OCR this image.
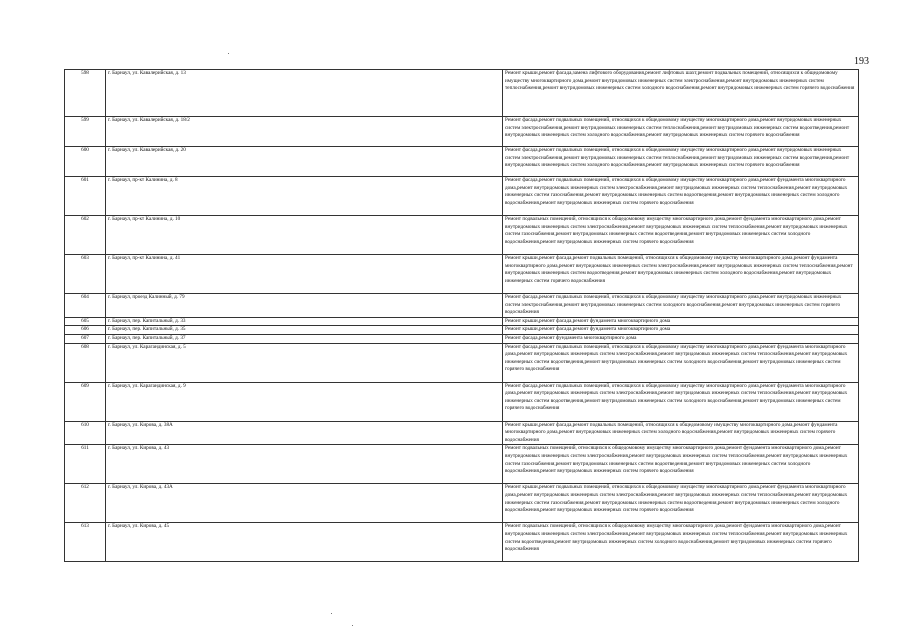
193
598	г. Барнаул, ул. Кавалерийская, д. 13	Ремонт крыши,ремонт фасада,замена лифтового оборудования,ремонт лифтовых шахт,ремонт подвальных помещений, относящихся к общедомовому имуществу многоквартирного дома,ремонт внутридомовых инженерных систем электроснабжения,ремонт внутридомовых инженерных систем теплоснабжения,ремонт внутридомовых инженерных систем холодного водоснабжения,ремонт внутридомовых инженерных систем горячего водоснабжения
599	г. Барнаул, ул. Кавалерийская, д. 18/2	Ремонт фасада,ремонт подвальных помещений, относящихся к общедомовому имуществу многоквартирного дома,ремонт внутридомовых инженерных систем электроснабжения,ремонт внутридомовых инженерных систем теплоснабжения,ремонт внутридомовых инженерных систем водоотведения,ремонт внутридомовых инженерных систем холодного водоснабжения,ремонт внутридомовых инженерных систем горячего водоснабжения
600	г. Барнаул, ул. Кавалерийская, д. 20	Ремонт фасада,ремонт подвальных помещений, относящихся к общедомовому имуществу многоквартирного дома,ремонт внутридомовых инженерных систем электроснабжения,ремонт внутридомовых инженерных систем теплоснабжения,ремонт внутридомовых инженерных систем водоотведения,ремонт внутридомовых инженерных систем холодного водоснабжения,ремонт внутридомовых инженерных систем горячего водоснабжения
601	г. Барнаул, пр-кт Калинина, д. 8	Ремонт фасада,ремонт подвальных помещений, относящихся к общедомовому имуществу многоквартирного дома,ремонт фундамента многоквартирного дома,ремонт внутридомовых инженерных систем электроснабжения,ремонт внутридомовых инженерных систем теплоснабжения,ремонт внутридомовых инженерных систем газоснабжения,ремонт внутридомовых инженерных систем водоотведения,ремонт внутридомовых инженерных систем холодного водоснабжения,ремонт внутридомовых инженерных систем горячего водоснабжения
602	г. Барнаул, пр-кт Калинина, д. 10	Ремонт подвальных помещений, относящихся к общедомовому имуществу многоквартирного дома,ремонт фундамента многоквартирного дома,ремонт внутридомовых инженерных систем электроснабжения,ремонт внутридомовых инженерных систем теплоснабжения,ремонт внутридомовых инженерных систем газоснабжения,ремонт внутридомовых инженерных систем водоотведения,ремонт внутридомовых инженерных систем холодного водоснабжения,ремонт внутридомовых инженерных систем горячего водоснабжения
603	г. Барнаул, пр-кт Калинина, д. 41	Ремонт крыши,ремонт фасада,ремонт подвальных помещений, относящихся к общедомовому имуществу многоквартирного дома,ремонт фундамента многоквартирного дома,ремонт внутридомовых инженерных систем электроснабжения,ремонт внутридомовых инженерных систем теплоснабжения,ремонт внутридомовых инженерных систем водоотведения,ремонт внутридомовых инженерных систем холодного водоснабжения,ремонт внутридомовых инженерных систем горячего водоснабжения
604	г. Барнаул, проезд Калинный, д. 79	Ремонт фасада,ремонт подвальных помещений, относящихся к общедомовому имуществу многоквартирного дома,ремонт внутридомовых инженерных систем электроснабжения,ремонт внутридомовых инженерных систем холодного водоснабжения,ремонт внутридомовых инженерных систем горячего водоснабжения
605	г. Барнаул, пер. Капитальный, д. 33	Ремонт крыши,ремонт фасада,ремонт фундамента многоквартирного дома
606	г. Барнаул, пер. Капитальный, д. 35	Ремонт крыши,ремонт фасада,ремонт фундамента многоквартирного дома
607	г. Барнаул, пер. Капитальный, д. 37	Ремонт фасада,ремонт фундамента многоквартирного дома
608	г. Барнаул, ул. Карагандинская, д. 5	Ремонт фасада,ремонт подвальных помещений, относящихся к общедомовому имуществу многоквартирного дома,ремонт фундамента многоквартирного дома,ремонт внутридомовых инженерных систем электроснабжения,ремонт внутридомовых инженерных систем теплоснабжения,ремонт внутридомовых инженерных систем водоотведения,ремонт внутридомовых инженерных систем холодного водоснабжения,ремонт внутридомовых инженерных систем горячего водоснабжения
609	г. Барнаул, ул. Карагандинская, д. 9	Ремонт фасада,ремонт подвальных помещений, относящихся к общедомовому имуществу многоквартирного дома,ремонт фундамента многоквартирного дома,ремонт внутридомовых инженерных систем электроснабжения,ремонт внутридомовых инженерных систем теплоснабжения,ремонт внутридомовых инженерных систем водоотведения,ремонт внутридомовых инженерных систем холодного водоснабжения,ремонт внутридомовых инженерных систем горячего водоснабжения
610	г. Барнаул, ул. Кирова, д. 38А	Ремонт крыши,ремонт фасада,ремонт подвальных помещений, относящихся к общедомовому имуществу многоквартирного дома,ремонт фундамента многоквартирного дома,ремонт внутридомовых инженерных систем холодного водоснабжения,ремонт внутридомовых инженерных систем горячего водоснабжения
611	г. Барнаул, ул. Кирова, д. 43	Ремонт подвальных помещений, относящихся к общедомовому имуществу многоквартирного дома,ремонт фундамента многоквартирного дома,ремонт внутридомовых инженерных систем электроснабжения,ремонт внутридомовых инженерных систем теплоснабжения,ремонт внутридомовых инженерных систем газоснабжения,ремонт внутридомовых инженерных систем водоотведения,ремонт внутридомовых инженерных систем холодного водоснабжения,ремонт внутридомовых инженерных систем горячего водоснабжения
612	г. Барнаул, ул. Кирова, д. 43А	Ремонт крыши,ремонт подвальных помещений, относящихся к общедомовому имуществу многоквартирного дома,ремонт фундамента многоквартирного дома,ремонт внутридомовых инженерных систем электроснабжения,ремонт внутридомовых инженерных систем теплоснабжения,ремонт внутридомовых инженерных систем газоснабжения,ремонт внутридомовых инженерных систем водоотведения,ремонт внутридомовых инженерных систем холодного водоснабжения,ремонт внутридомовых инженерных систем горячего водоснабжения
613	г. Барнаул, ул. Кирова, д. 45	Ремонт подвальных помещений, относящихся к общедомовому имуществу многоквартирного дома,ремонт фундамента многоквартирного дома,ремонт внутридомовых инженерных систем электроснабжения,ремонт внутридомовых инженерных систем теплоснабжения,ремонт внутридомовых инженерных систем водоотведения,ремонт внутридомовых инженерных систем холодного водоснабжения,ремонт внутридомовых инженерных систем горячего водоснабжения
